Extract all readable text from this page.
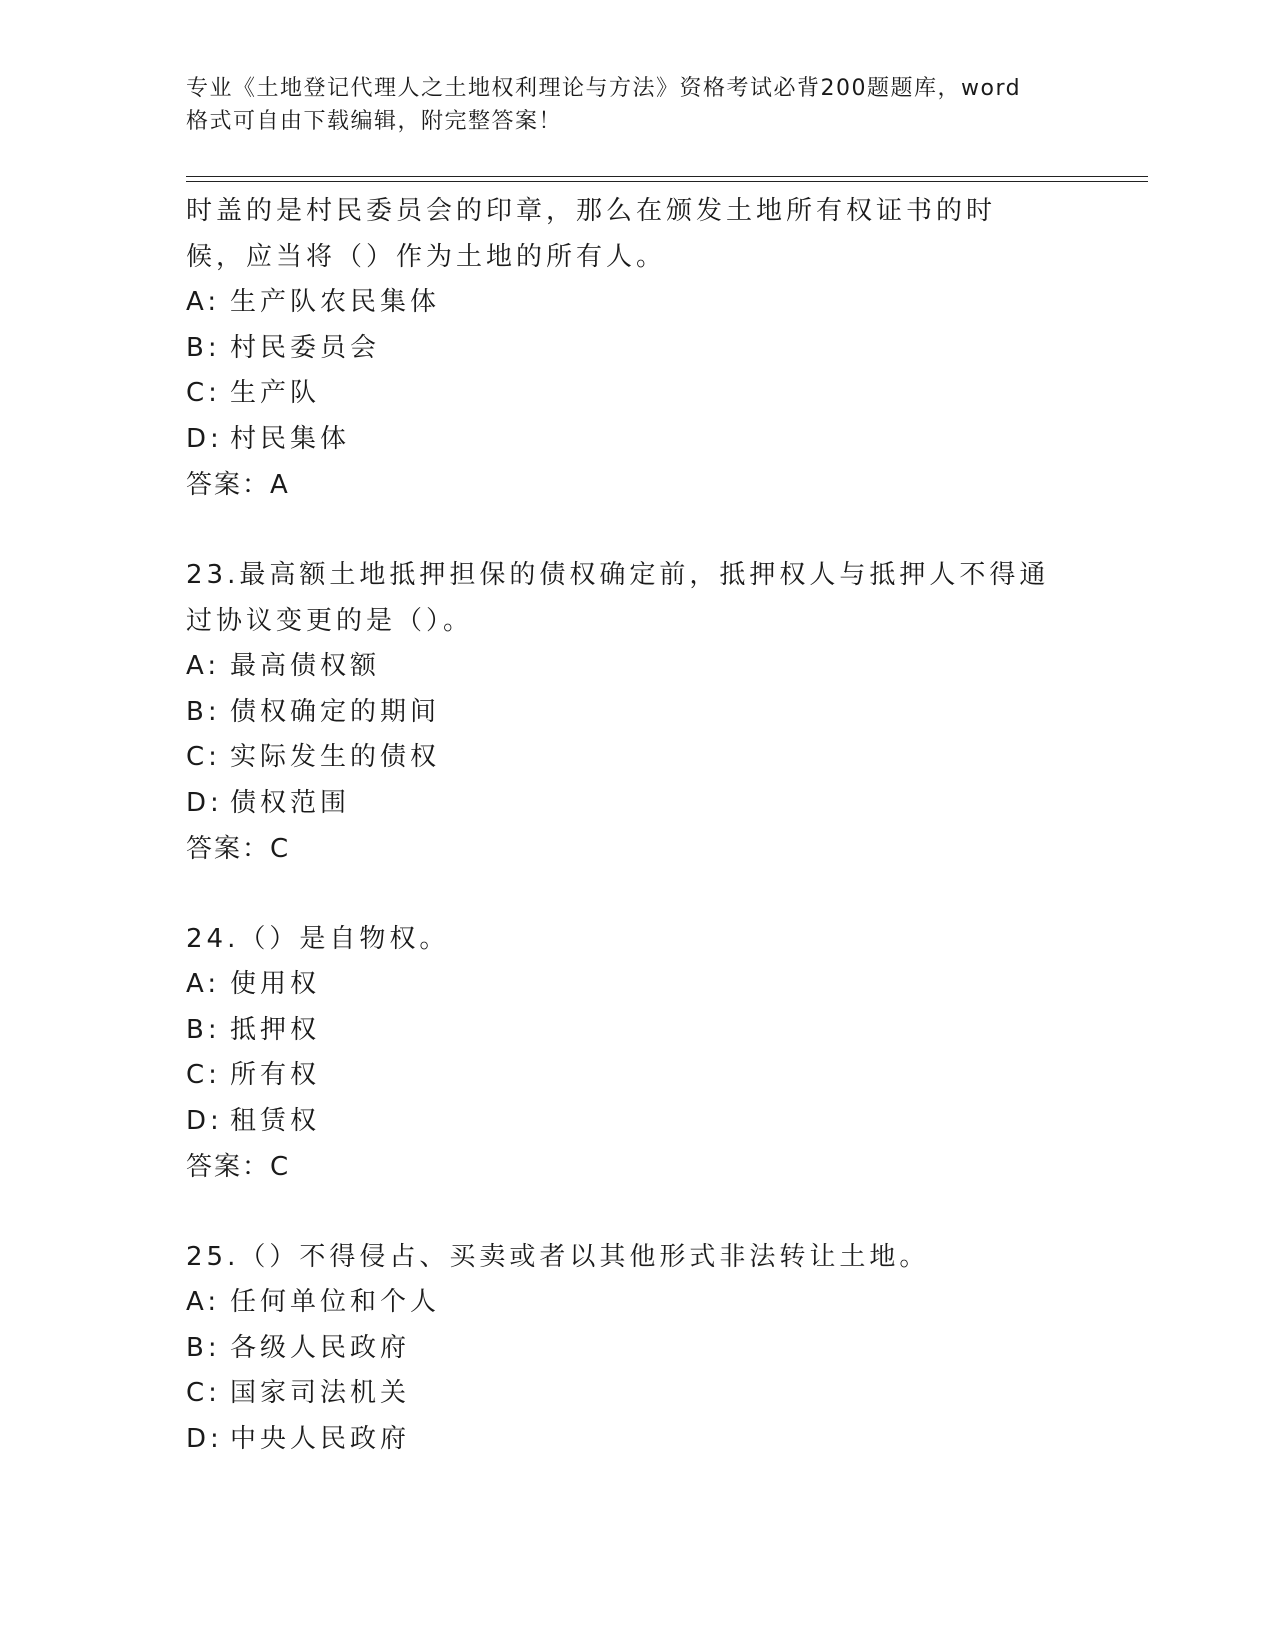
专业《土地登记代理人之土地权利理论与方法》资格考试必背200题题库，word
格式可自由下载编辑，附完整答案！
时盖的是村民委员会的印章，那么在颁发土地所有权证书的时候，应当将（）作为土地的所有人。
A: 生产队农民集体
B: 村民委员会
C: 生产队
D: 村民集体
答案：A
23.最高额土地抵押担保的债权确定前，抵押权人与抵押人不得通过协议变更的是（）。
A: 最高债权额
B: 债权确定的期间
C: 实际发生的债权
D: 债权范围
答案：C
24.（）是自物权。
A: 使用权
B: 抵押权
C: 所有权
D: 租赁权
答案：C
25.（）不得侵占、买卖或者以其他形式非法转让土地。
A: 任何单位和个人
B: 各级人民政府
C: 国家司法机关
D: 中央人民政府
